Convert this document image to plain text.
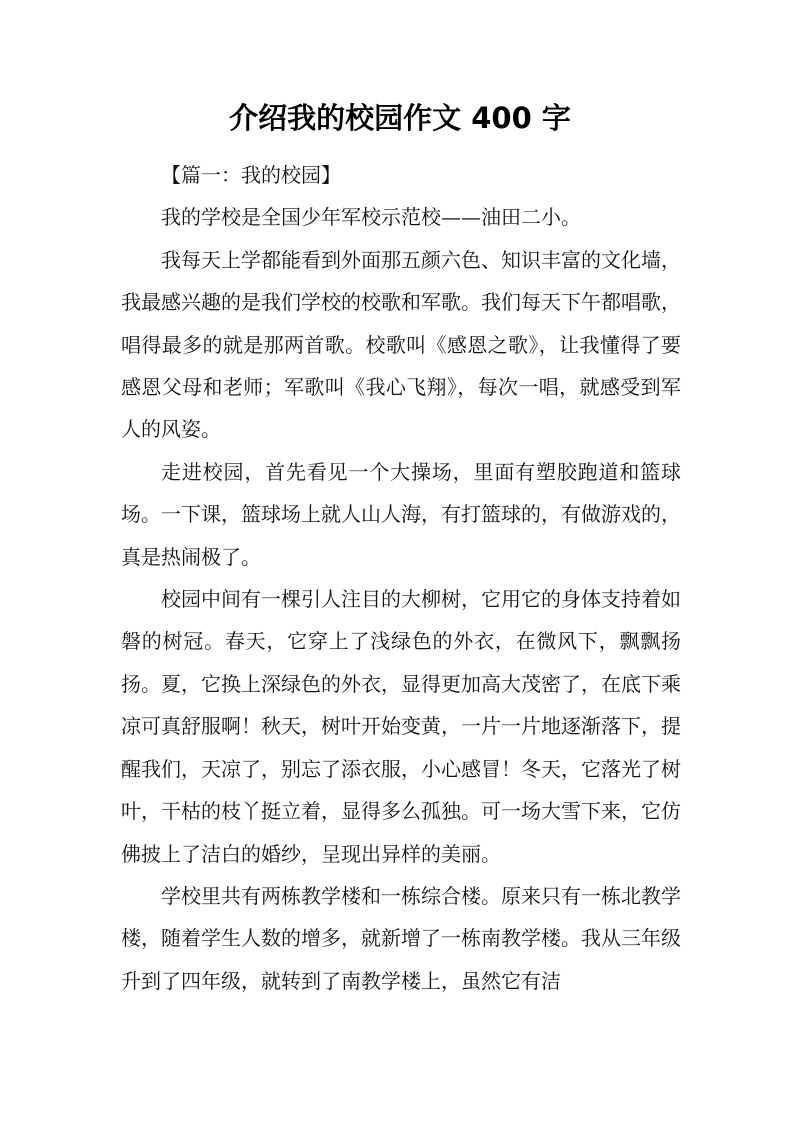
介绍我的校园作文 400 字

【篇一：我的校园】

我的学校是全国少年军校示范校——油田二小。

我每天上学都能看到外面那五颜六色、知识丰富的文化墙，我最感兴趣的是我们学校的校歌和军歌。我们每天下午都唱歌，唱得最多的就是那两首歌。校歌叫《感恩之歌》，让我懂得了要感恩父母和老师；军歌叫《我心飞翔》，每次一唱，就感受到军人的风姿。

走进校园，首先看见一个大操场，里面有塑胶跑道和篮球场。一下课，篮球场上就人山人海，有打篮球的，有做游戏的，真是热闹极了。

校园中间有一棵引人注目的大柳树，它用它的身体支持着如磐的树冠。春天，它穿上了浅绿色的外衣，在微风下，飘飘扬扬。夏，它换上深绿色的外衣，显得更加高大茂密了，在底下乘凉可真舒服啊！秋天，树叶开始变黄，一片一片地逐渐落下，提醒我们，天凉了，别忘了添衣服，小心感冒！冬天，它落光了树叶，干枯的枝丫挺立着，显得多么孤独。可一场大雪下来，它仿佛披上了洁白的婚纱，呈现出异样的美丽。

学校里共有两栋教学楼和一栋综合楼。原来只有一栋北教学楼，随着学生人数的增多，就新增了一栋南教学楼。我从三年级升到了四年级，就转到了南教学楼上，虽然它有洁
